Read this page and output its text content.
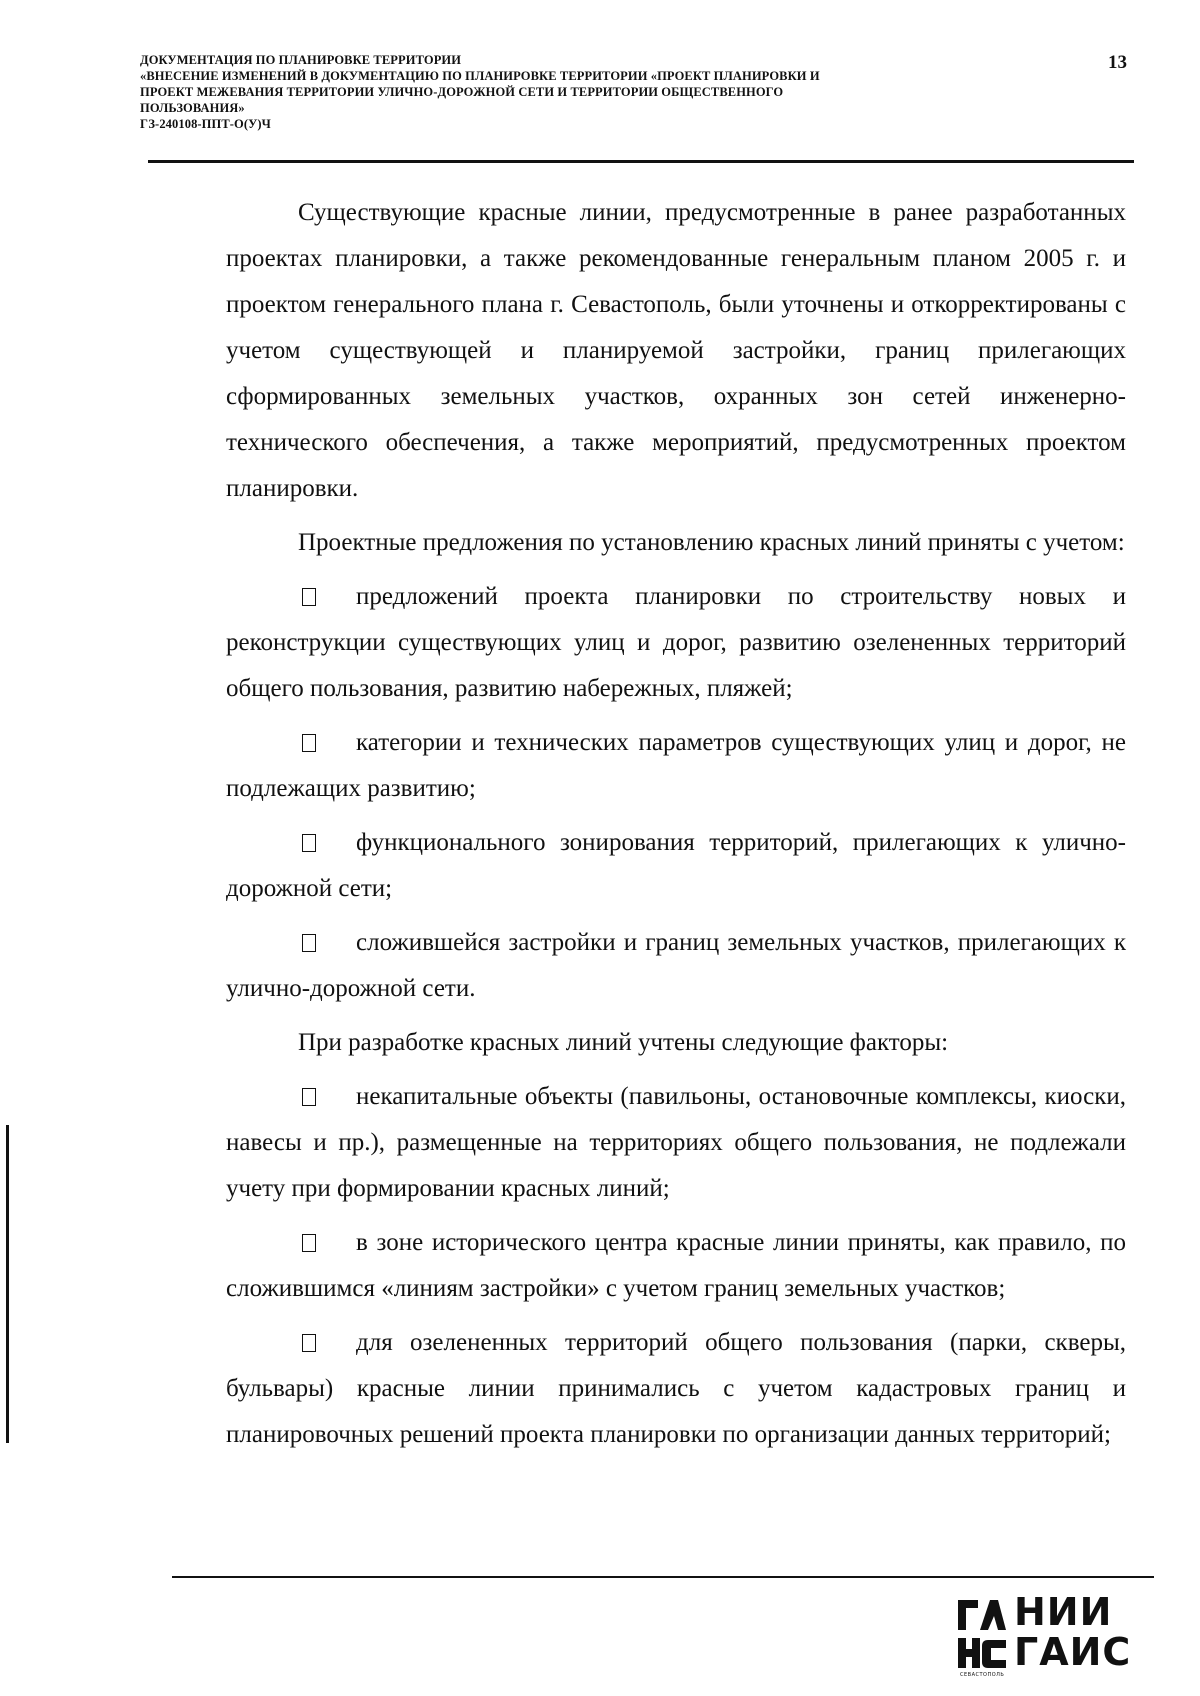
ДОКУМЕНТАЦИЯ ПО ПЛАНИРОВКЕ ТЕРРИТОРИИ
«ВНЕСЕНИЕ ИЗМЕНЕНИЙ В ДОКУМЕНТАЦИЮ ПО ПЛАНИРОВКЕ ТЕРРИТОРИИ «ПРОЕКТ ПЛАНИРОВКИ И
ПРОЕКТ МЕЖЕВАНИЯ ТЕРРИТОРИИ УЛИЧНО-ДОРОЖНОЙ СЕТИ И ТЕРРИТОРИИ ОБЩЕСТВЕННОГО
ПОЛЬЗОВАНИЯ»
ГЗ-240108-ППТ-О(У)Ч
13

Существующие красные линии, предусмотренные в ранее разработанных проектах планировки, а также рекомендованные генеральным планом 2005 г. и проектом генерального плана г. Севастополь, были уточнены и откорректированы с учетом существующей и планируемой застройки, границ прилегающих сформированных земельных участков, охранных зон сетей инженерно-технического обеспечения, а также мероприятий, предусмотренных проектом планировки.

Проектные предложения по установлению красных линий приняты с учетом:

предложений проекта планировки по строительству новых и реконструкции существующих улиц и дорог, развитию озелененных территорий общего пользования, развитию набережных, пляжей;

категории и технических параметров существующих улиц и дорог, не подлежащих развитию;

функционального зонирования территорий, прилегающих к улично-дорожной сети;

сложившейся застройки и границ земельных участков, прилегающих к улично-дорожной сети.

При разработке красных линий учтены следующие факторы:

некапитальные объекты (павильоны, остановочные комплексы, киоски, навесы и пр.), размещенные на территориях общего пользования, не подлежали учету при формировании красных линий;

в зоне исторического центра красные линии приняты, как правило, по сложившимся «линиям застройки» с учетом границ земельных участков;

для озелененных территорий общего пользования (парки, скверы, бульвары) красные линии принимались с учетом кадастровых границ и планировочных решений проекта планировки по организации данных территорий;

НИИ
ГАИС
СЕВАСТОПОЛЬ
